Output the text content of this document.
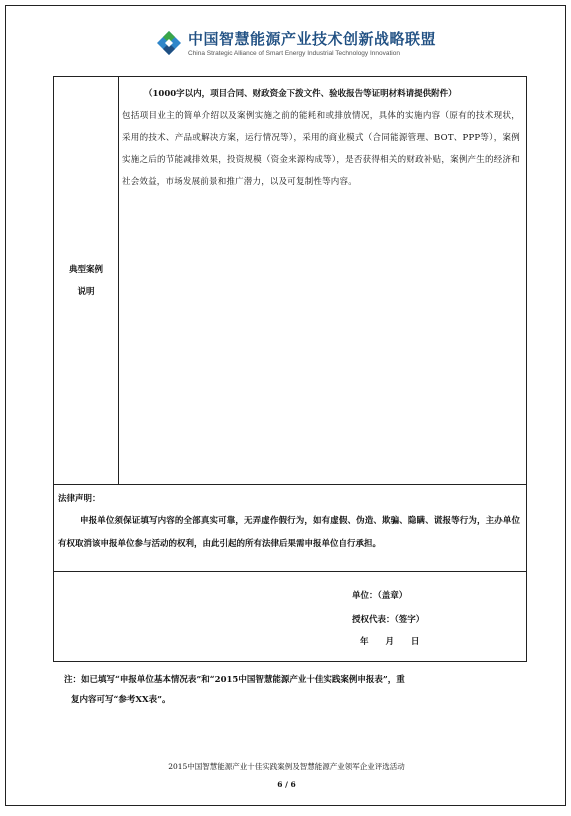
中国智慧能源产业技术创新战略联盟
China Strategic Alliance of Smart Energy Industrial Technology Innovation
典型案例
说明
（1000字以内，项目合同、财政资金下拨文件、验收报告等证明材料请提供附件）
包括项目业主的简单介绍以及案例实施之前的能耗和或排放情况，具体的实施内容（原有的技术现状，采用的技术、产品或解决方案，运行情况等），采用的商业模式（合同能源管理、BOT、PPP等），案例实施之后的节能减排效果，投资规模（资金来源构成等），是否获得相关的财政补贴，案例产生的经济和社会效益，市场发展前景和推广潜力，以及可复制性等内容。
法律声明：
申报单位须保证填写内容的全部真实可靠，无弄虚作假行为，如有虚假、伪造、欺骗、隐瞒、谎报等行为，主办单位有权取消该申报单位参与活动的权利，由此引起的所有法律后果需申报单位自行承担。
单位：（盖章）
授权代表：（签字）
年 月 日
注：如已填写“申报单位基本情况表”和“2015中国智慧能源产业十佳实践案例申报表”，重
复内容可写“参考XX表”。
2015中国智慧能源产业十佳实践案例及智慧能源产业领军企业评选活动
6 / 6
